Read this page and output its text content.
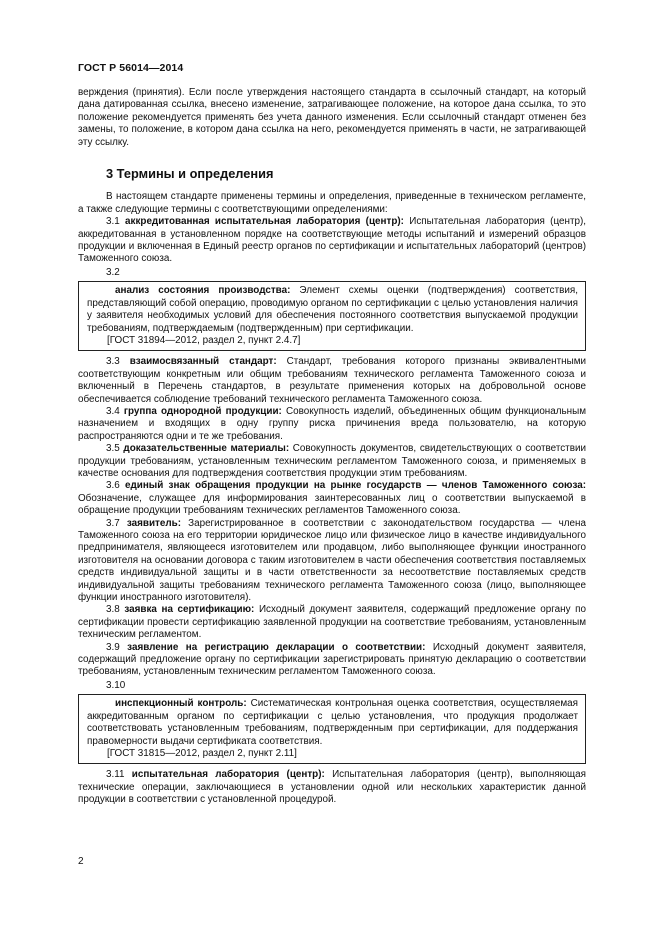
ГОСТ Р 56014—2014

верждения (принятия). Если после утверждения настоящего стандарта в ссылочный стандарт, на который дана датированная ссылка, внесено изменение, затрагивающее положение, на которое дана ссылка, то это положение рекомендуется применять без учета данного изменения. Если ссылочный стандарт отменен без замены, то положение, в котором дана ссылка на него, рекомендуется применять в части, не затрагивающей эту ссылку.

3 Термины и определения

В настоящем стандарте применены термины и определения, приведенные в техническом регламенте, а также следующие термины с соответствующими определениями:

3.1 аккредитованная испытательная лаборатория (центр): Испытательная лаборатория (центр), аккредитованная в установленном порядке на соответствующие методы испытаний и измерений образцов продукции и включенная в Единый реестр органов по сертификации и испытательных лабораторий (центров) Таможенного союза.

3.2

анализ состояния производства: Элемент схемы оценки (подтверждения) соответствия, представляющий собой операцию, проводимую органом по сертификации с целью установления наличия у заявителя необходимых условий для обеспечения постоянного соответствия выпускаемой продукции требованиям, подтверждаемым (подтвержденным) при сертификации.

[ГОСТ 31894—2012, раздел 2, пункт 2.4.7]

3.3 взаимосвязанный стандарт: Стандарт, требования которого признаны эквивалентными соответствующим конкретным или общим требованиям технического регламента Таможенного союза и включенный в Перечень стандартов, в результате применения которых на добровольной основе обеспечивается соблюдение требований технического регламента Таможенного союза.

3.4 группа однородной продукции: Совокупность изделий, объединенных общим функциональным назначением и входящих в одну группу риска причинения вреда пользователю, на которую распространяются одни и те же требования.

3.5 доказательственные материалы: Совокупность документов, свидетельствующих о соответствии продукции требованиям, установленным техническим регламентом Таможенного союза, и применяемых в качестве основания для подтверждения соответствия продукции этим требованиям.

3.6 единый знак обращения продукции на рынке государств — членов Таможенного союза: Обозначение, служащее для информирования заинтересованных лиц о соответствии выпускаемой в обращение продукции требованиям технических регламентов Таможенного союза.

3.7 заявитель: Зарегистрированное в соответствии с законодательством государства — члена Таможенного союза на его территории юридическое лицо или физическое лицо в качестве индивидуального предпринимателя, являющееся изготовителем или продавцом, либо выполняющее функции иностранного изготовителя на основании договора с таким изготовителем в части обеспечения соответствия поставляемых средств индивидуальной защиты и в части ответственности за несоответствие поставляемых средств индивидуальной защиты требованиям технического регламента Таможенного союза (лицо, выполняющее функции иностранного изготовителя).

3.8 заявка на сертификацию: Исходный документ заявителя, содержащий предложение органу по сертификации провести сертификацию заявленной продукции на соответствие требованиям, установленным техническим регламентом.

3.9 заявление на регистрацию декларации о соответствии: Исходный документ заявителя, содержащий предложение органу по сертификации зарегистрировать принятую декларацию о соответствии требованиям, установленным техническим регламентом Таможенного союза.

3.10

инспекционный контроль: Систематическая контрольная оценка соответствия, осуществляемая аккредитованным органом по сертификации с целью установления, что продукция продолжает соответствовать установленным требованиям, подтвержденным при сертификации, для поддержания правомерности выдачи сертификата соответствия.

[ГОСТ 31815—2012, раздел 2, пункт 2.11]

3.11 испытательная лаборатория (центр): Испытательная лаборатория (центр), выполняющая технические операции, заключающиеся в установлении одной или нескольких характеристик данной продукции в соответствии с установленной процедурой.

2
